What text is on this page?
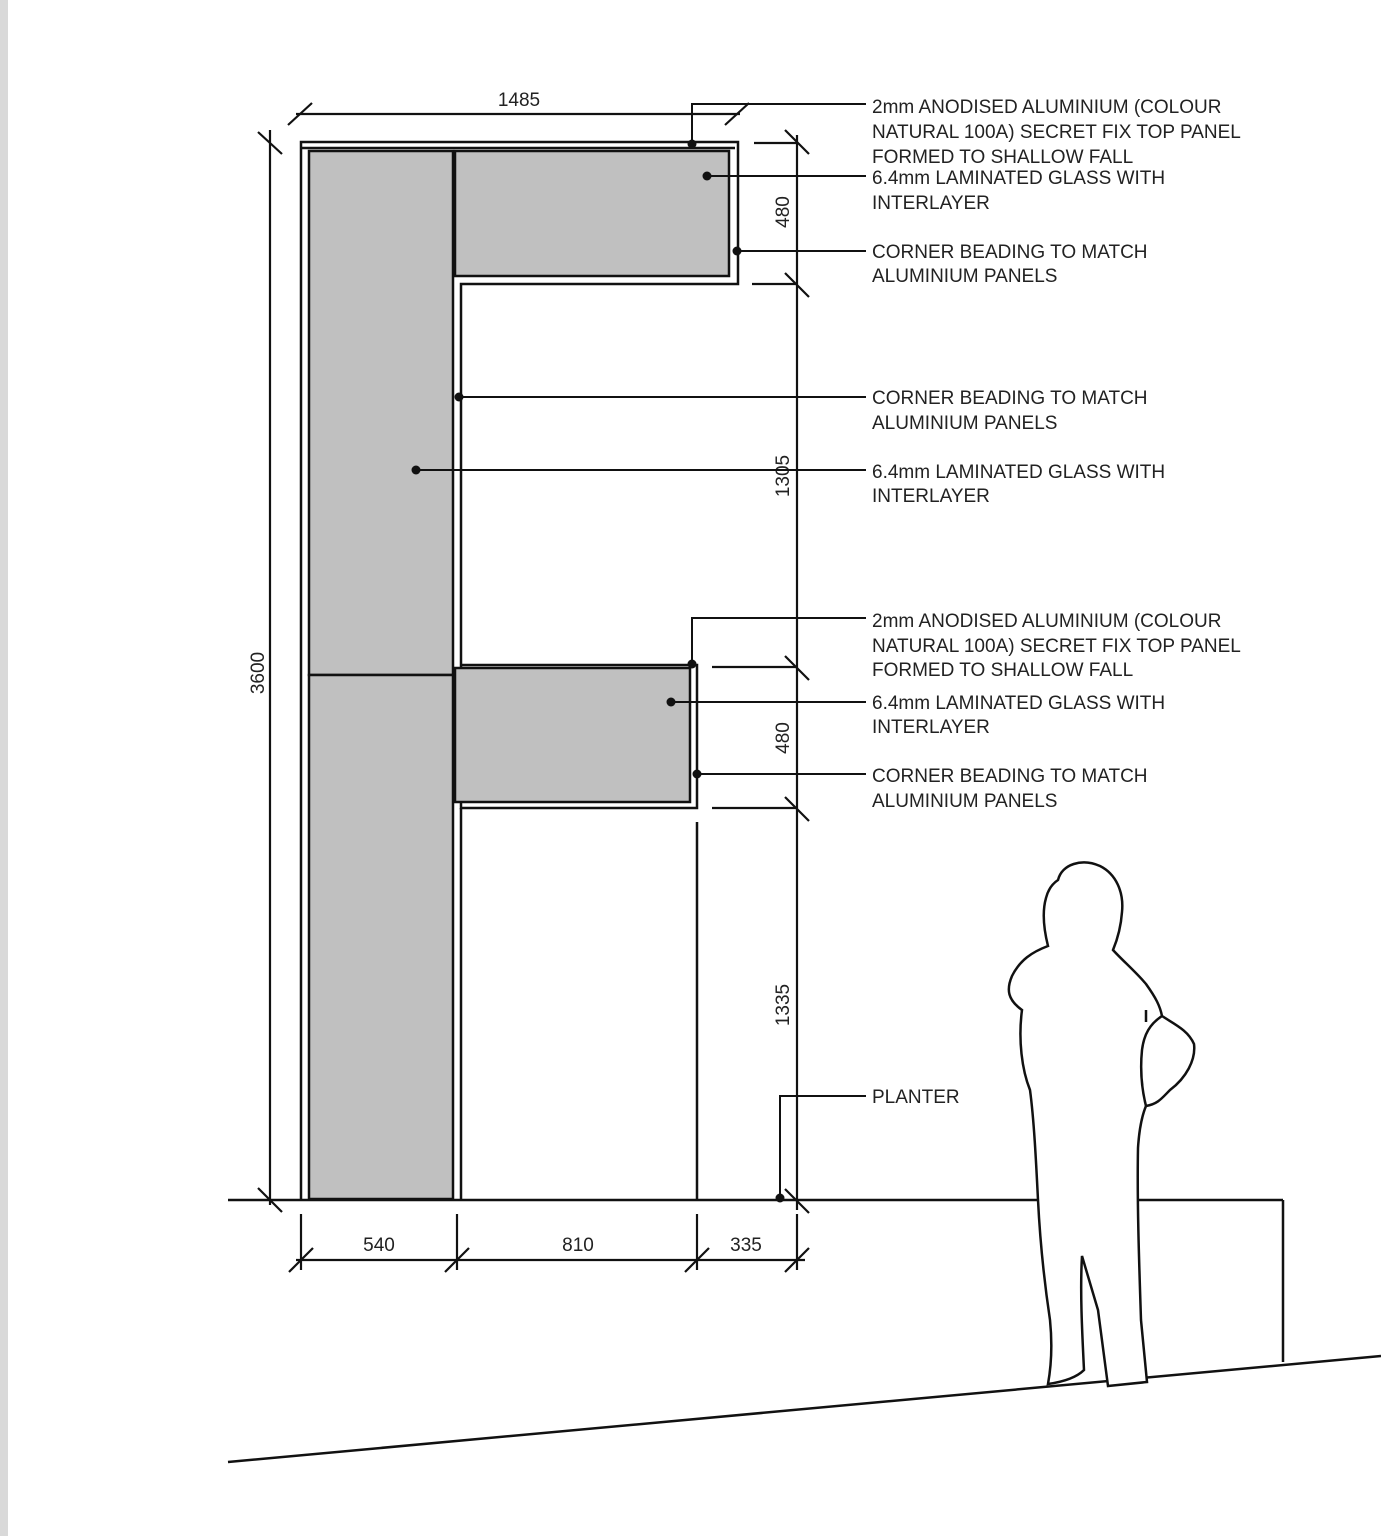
1485
3600
480
1305
480
1335
540	810	335
2mm ANODISED ALUMINIUM (COLOUR NATURAL 100A) SECRET FIX TOP PANEL FORMED TO SHALLOW FALL
6.4mm LAMINATED GLASS WITH INTERLAYER
CORNER BEADING TO MATCH ALUMINIUM PANELS
CORNER BEADING TO MATCH ALUMINIUM PANELS
6.4mm LAMINATED GLASS WITH INTERLAYER
2mm ANODISED ALUMINIUM (COLOUR NATURAL 100A) SECRET FIX TOP PANEL FORMED TO SHALLOW FALL
6.4mm LAMINATED GLASS WITH INTERLAYER
CORNER BEADING TO MATCH ALUMINIUM PANELS
PLANTER
